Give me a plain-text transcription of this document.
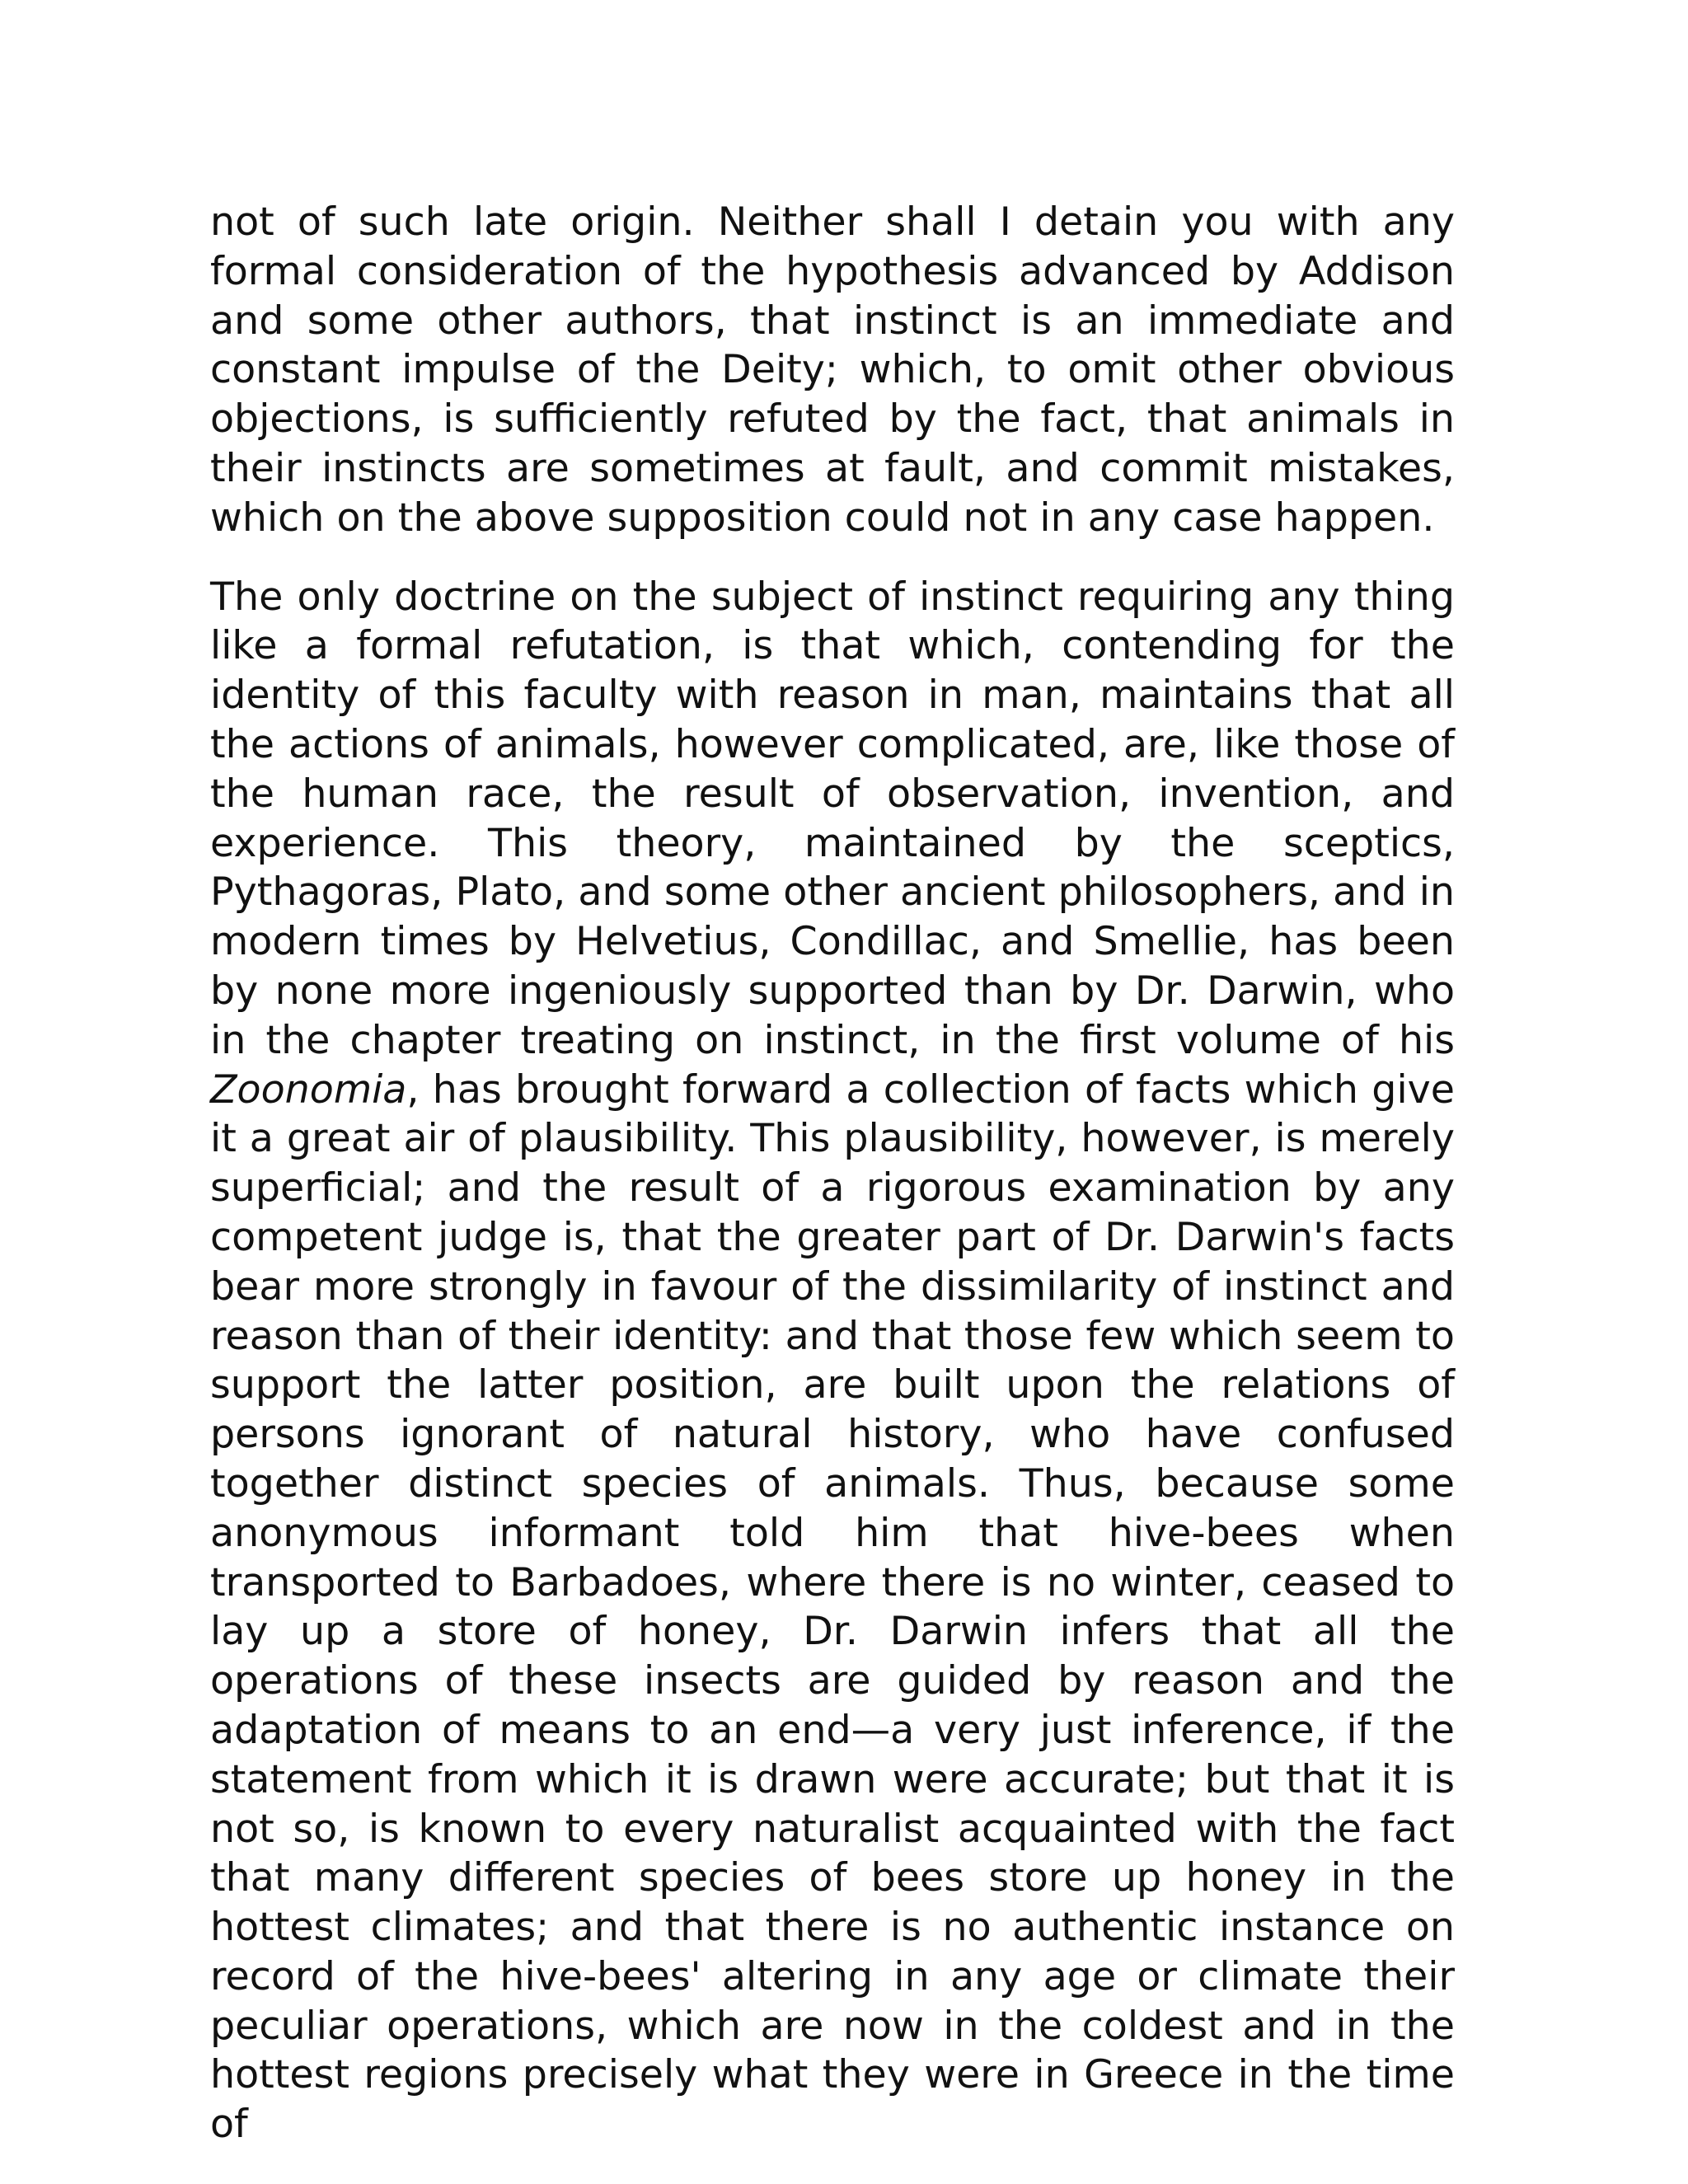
not of such late origin. Neither shall I detain you with any formal consideration of the hypothesis advanced by Addison and some other authors, that instinct is an immediate and constant impulse of the Deity; which, to omit other obvious objections, is sufficiently refuted by the fact, that animals in their instincts are sometimes at fault, and commit mistakes, which on the above supposition could not in any case happen.

The only doctrine on the subject of instinct requiring any thing like a formal refutation, is that which, contending for the identity of this faculty with reason in man, maintains that all the actions of animals, however complicated, are, like those of the human race, the result of observation, invention, and experience. This theory, maintained by the sceptics, Pythagoras, Plato, and some other ancient philosophers, and in modern times by Helvetius, Condillac, and Smellie, has been by none more ingeniously supported than by Dr. Darwin, who in the chapter treating on instinct, in the first volume of his Zoonomia, has brought forward a collection of facts which give it a great air of plausibility. This plausibility, however, is merely superficial; and the result of a rigorous examination by any competent judge is, that the greater part of Dr. Darwin's facts bear more strongly in favour of the dissimilarity of instinct and reason than of their identity: and that those few which seem to support the latter position, are built upon the relations of persons ignorant of natural history, who have confused together distinct species of animals. Thus, because some anonymous informant told him that hive-bees when transported to Barbadoes, where there is no winter, ceased to lay up a store of honey, Dr. Darwin infers that all the operations of these insects are guided by reason and the adaptation of means to an end—a very just inference, if the statement from which it is drawn were accurate; but that it is not so, is known to every naturalist acquainted with the fact that many different species of bees store up honey in the hottest climates; and that there is no authentic instance on record of the hive-bees' altering in any age or climate their peculiar operations, which are now in the coldest and in the hottest regions precisely what they were in Greece in the time of
